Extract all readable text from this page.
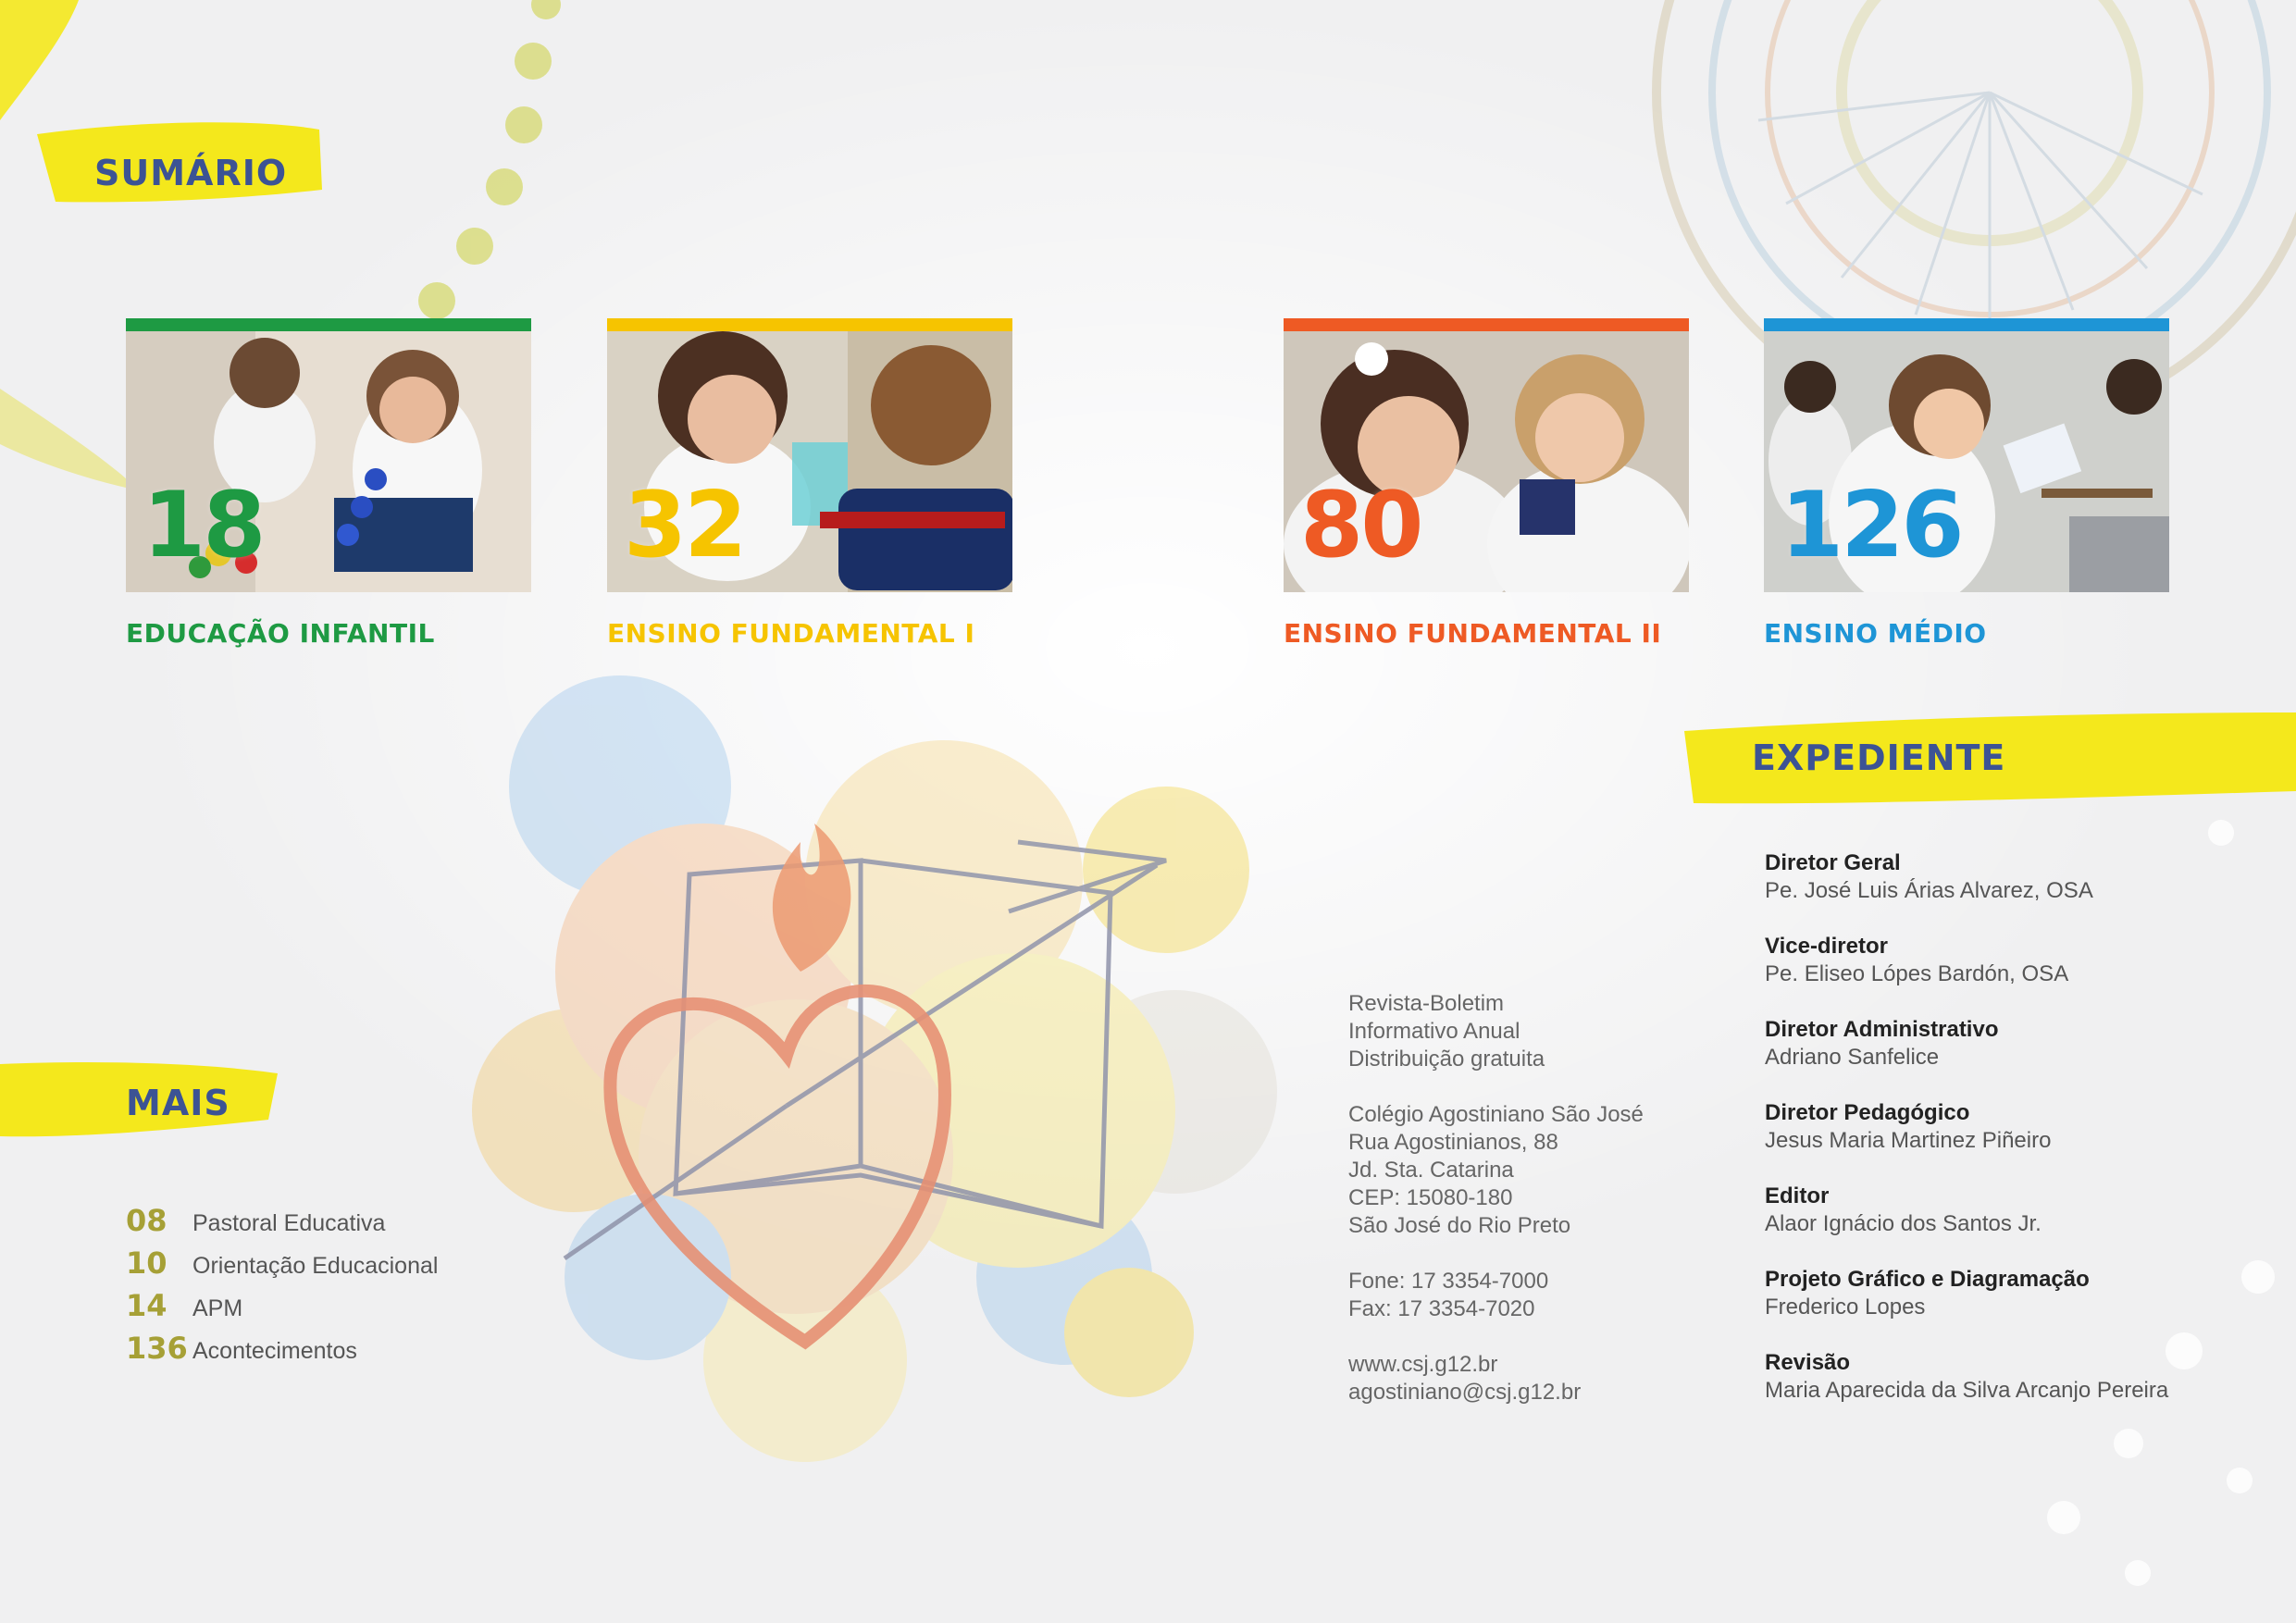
SUMÁRIO
18
EDUCAÇÃO INFANTIL
32
ENSINO FUNDAMENTAL I
80
ENSINO FUNDAMENTAL II
126
ENSINO MÉDIO
MAIS
08 Pastoral Educativa
10 Orientação Educacional
14 APM
136 Acontecimentos
Revista-Boletim
Informativo Anual
Distribuição gratuita
Colégio Agostiniano São José
Rua Agostinianos, 88
Jd. Sta. Catarina
CEP: 15080-180
São José do Rio Preto
Fone: 17 3354-7000
Fax: 17 3354-7020
www.csj.g12.br
agostiniano@csj.g12.br
EXPEDIENTE
Diretor Geral
Pe. José Luis Árias Alvarez, OSA
Vice-diretor
Pe. Eliseo Lópes Bardón, OSA
Diretor Administrativo
Adriano Sanfelice
Diretor Pedagógico
Jesus Maria Martinez Piñeiro
Editor
Alaor Ignácio dos Santos Jr.
Projeto Gráfico e Diagramação
Frederico Lopes
Revisão
Maria Aparecida da Silva Arcanjo Pereira
